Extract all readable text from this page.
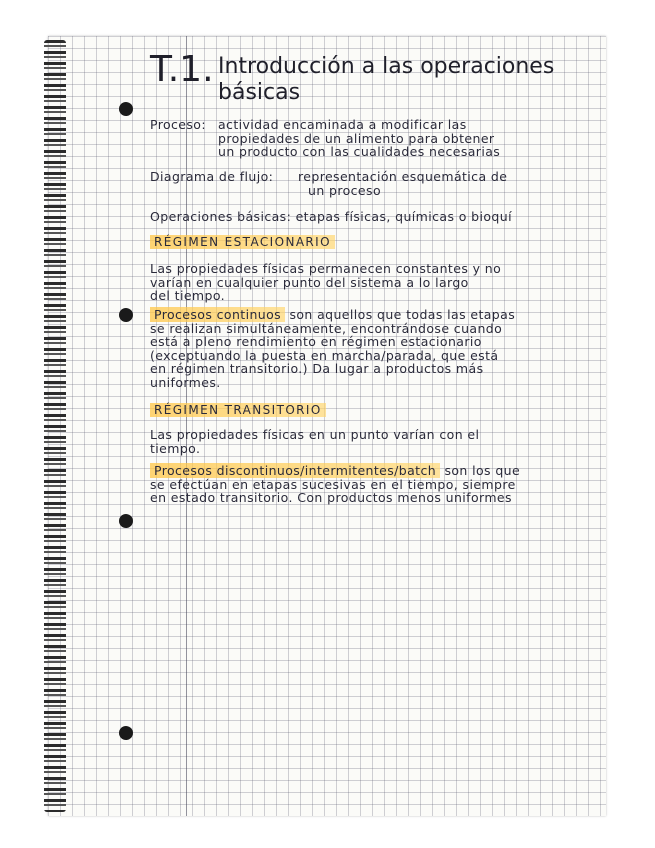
T.1. Introducción a las operaciones
básicas
Proceso: actividad encaminada a modificar las
propiedades de un alimento para obtener
un producto con las cualidades necesarias
Diagrama de flujo: representación esquemática de
un proceso
Operaciones básicas: etapas físicas, químicas o bioquí
RÉGIMEN ESTACIONARIO
Las propiedades físicas permanecen constantes y no
varían en cualquier punto del sistema a lo largo
del tiempo.
Procesos continuos son aquellos que todas las etapas
se realizan simultáneamente, encontrándose cuando
está a pleno rendimiento en régimen estacionario
(exceptuando la puesta en marcha/parada, que está
en régimen transitorio.) Da lugar a productos más
uniformes.
RÉGIMEN TRANSITORIO
Las propiedades físicas en un punto varían con el
tiempo.
Procesos discontinuos/intermitentes/batch son los que
se efectúan en etapas sucesivas en el tiempo, siempre
en estado transitorio. Con productos menos uniformes
